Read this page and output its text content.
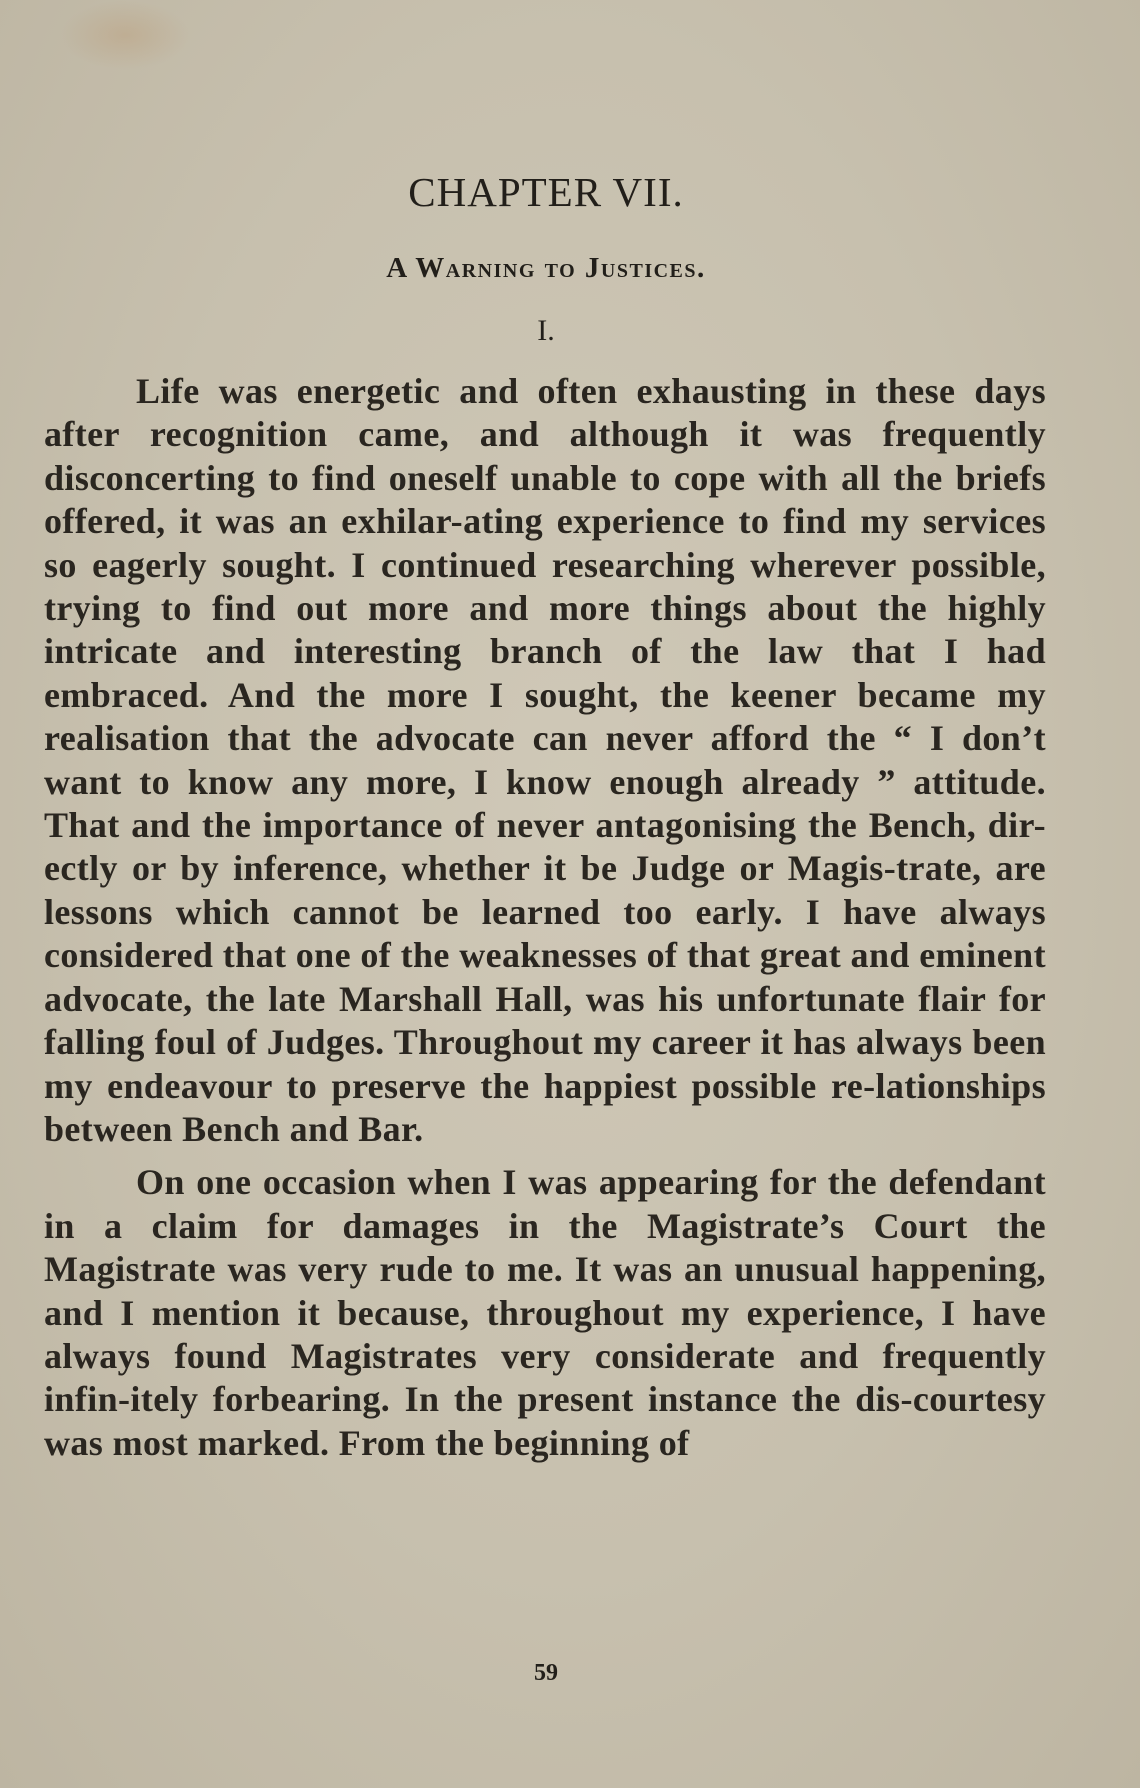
CHAPTER VII.
A Warning to Justices.
I.

Life was energetic and often exhausting in these days after recognition came, and although it was frequently disconcerting to find oneself unable to cope with all the briefs offered, it was an exhilar-ating experience to find my services so eagerly sought. I continued researching wherever possible, trying to find out more and more things about the highly intricate and interesting branch of the law that I had embraced. And the more I sought, the keener became my realisation that the advocate can never afford the “ I don’t want to know any more, I know enough already ” attitude. That and the importance of never antagonising the Bench, dir-ectly or by inference, whether it be Judge or Magis-trate, are lessons which cannot be learned too early. I have always considered that one of the weaknesses of that great and eminent advocate, the late Marshall Hall, was his unfortunate flair for falling foul of Judges. Throughout my career it has always been my endeavour to preserve the happiest possible re-lationships between Bench and Bar.

On one occasion when I was appearing for the defendant in a claim for damages in the Magistrate’s Court the Magistrate was very rude to me. It was an unusual happening, and I mention it because, throughout my experience, I have always found Magistrates very considerate and frequently infin-itely forbearing. In the present instance the dis-courtesy was most marked. From the beginning of

59
